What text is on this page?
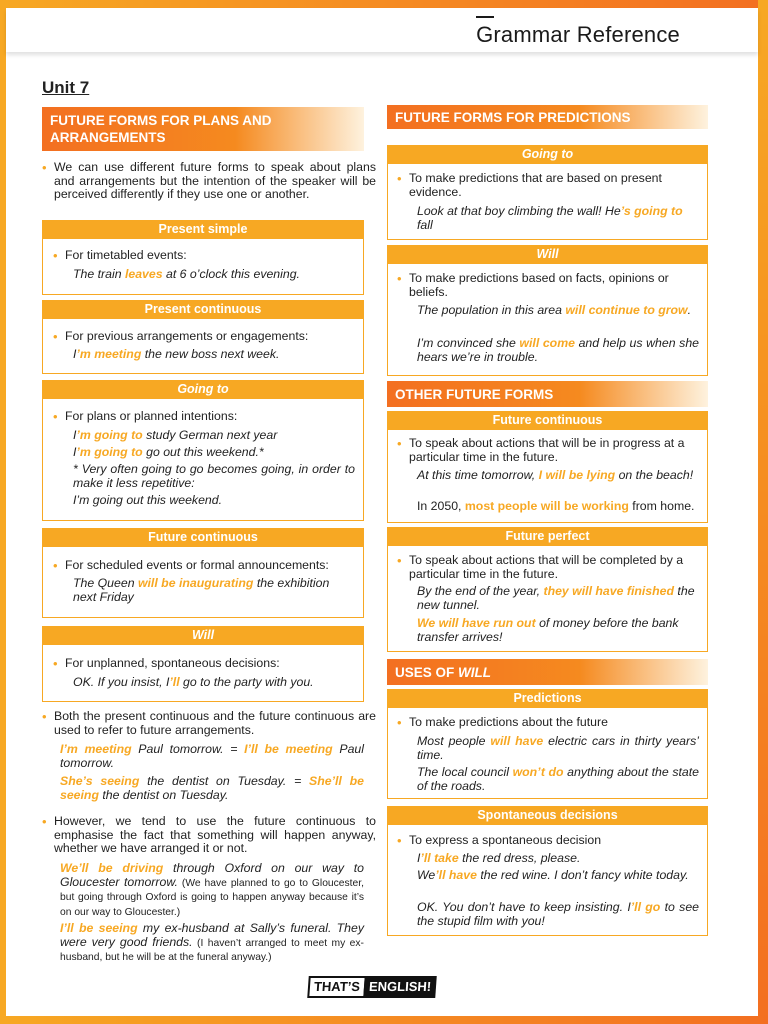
Grammar Reference
Unit 7
FUTURE FORMS FOR PLANS AND ARRANGEMENTS
• We can use different future forms to speak about plans and arrangements but the intention of the speaker will be perceived differently if they use one or another.
Present simple
• For timetabled events:
The train leaves at 6 o’clock this evening.
Present continuous
• For previous arrangements or engagements:
I’m meeting the new boss next week.
Going to
• For plans or planned intentions:
I’m going to study German next year
I’m going to go out this weekend.*
* Very often going to go becomes going, in order to make it less repetitive:
I’m going out this weekend.
Future continuous
• For scheduled events or formal announcements:
The Queen will be inaugurating the exhibition next Friday
Will
• For unplanned, spontaneous decisions:
OK. If you insist, I’ll go to the party with you.
• Both the present continuous and the future continuous are used to refer to future arrangements.
I’m meeting Paul tomorrow. = I’ll be meeting Paul tomorrow.
She’s seeing the dentist on Tuesday. = She’ll be seeing the dentist on Tuesday.
• However, we tend to use the future continuous to emphasise the fact that something will happen anyway, whether we have arranged it or not.
We’ll be driving through Oxford on our way to Gloucester tomorrow. (We have planned to go to Gloucester, but going through Oxford is going to happen anyway because it’s on our way to Gloucester.)
I’ll be seeing my ex-husband at Sally’s funeral. They were very good friends. (I haven’t arranged to meet my ex-husband, but he will be at the funeral anyway.)
FUTURE FORMS FOR PREDICTIONS
Going to
• To make predictions that are based on present evidence.
Look at that boy climbing the wall! He’s going to fall
Will
• To make predictions based on facts, opinions or beliefs.
The population in this area will continue to grow.
I’m convinced she will come and help us when she hears we’re in trouble.
OTHER FUTURE FORMS
Future continuous
• To speak about actions that will be in progress at a particular time in the future.
At this time tomorrow, I will be lying on the beach!
In 2050, most people will be working from home.
Future perfect
• To speak about actions that will be completed by a particular time in the future.
By the end of the year, they will have finished the new tunnel.
We will have run out of money before the bank transfer arrives!
USES OF
WILL
Predictions
• To make predictions about the future
Most people will have electric cars in thirty years’ time.
The local council won’t do anything about the state of the roads.
Spontaneous decisions
• To express a spontaneous decision
I’ll take the red dress, please.
We’ll have the red wine. I don’t fancy white today.
OK. You don’t have to keep insisting. I’ll go to see the stupid film with you!
THAT’S ENGLISH!
